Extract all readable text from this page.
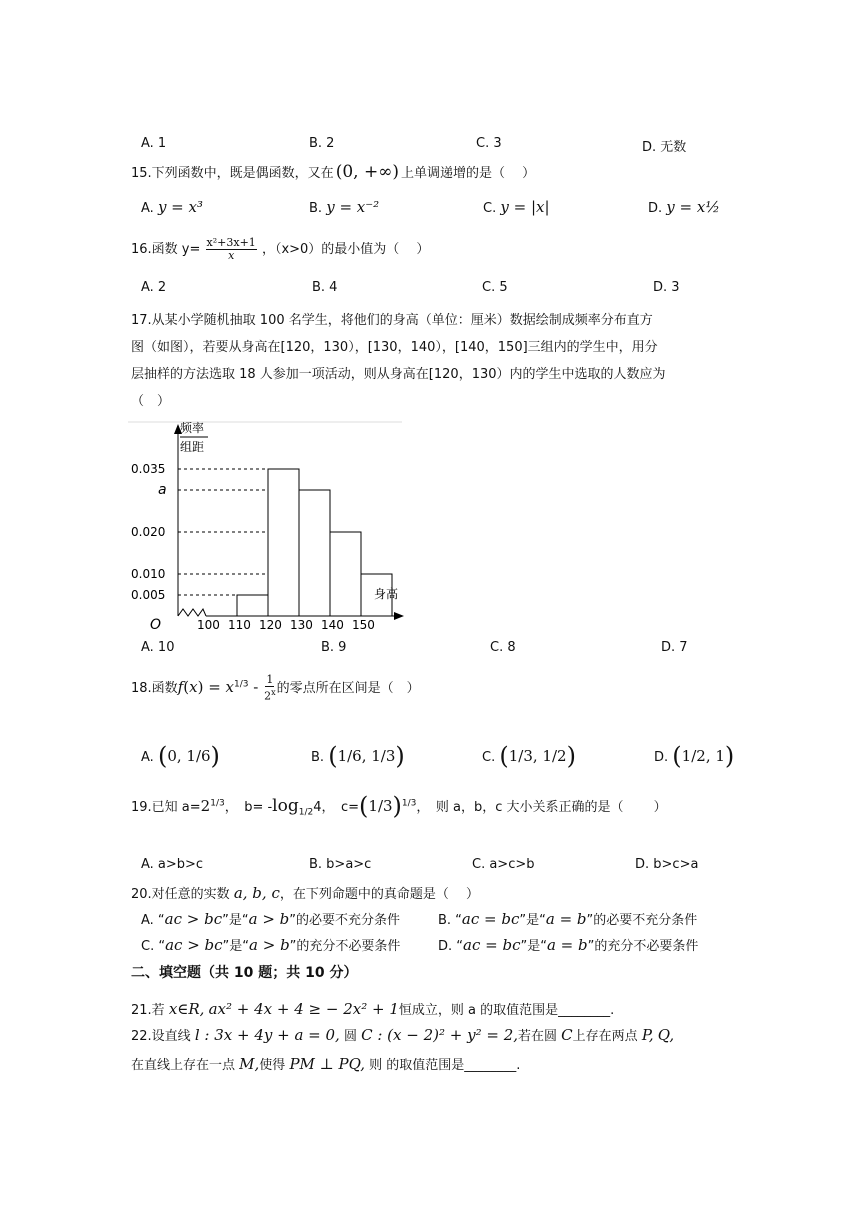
A. 1	B. 2	C. 3	D. 无数
15.下列函数中，既是偶函数，又在 (0, +∞) 上单调递增的是（　 ）
A. y = x³	B. y = x⁻²	C. y = |x|	D. y = x½
16.函数 $y= \frac{\text{x²+3x+1}}{x}$ ，（x>0）的最小值为（　 ）
A. 2	B. 4	C. 5	D. 3
17.从某小学随机抽取 100 名学生，将他们的身高（单位：厘米）数据绘制成频率分布直方
图（如图），若要从身高在[120，130），[130，140），[140，150]三组内的学生中，用分
层抽样的方法选取 18 人参加一项活动，则从身高在[120，130）内的学生中选取的人数应为
（　）
频率
组距
身高
O
0.005
0.010
0.020
a
0.035
100 110 120 130 140 150
A. 10	B. 9	C. 8	D. 7
18.函数$f(x) = x^{1/3} - \frac{1}{2^x}$ 的零点所在区间是（　）
A. (0, 1/6)	B. (1/6, 1/3)	C. (1/3, 1/2)	D. (1/2, 1)
19.已知 $a=2^{1/3}$，　$b= -\log_{1/2}4$，　$c=(1/3)^{1/3}$，　则 a，b，c 大小关系正确的是（　　 ）
A. a>b>c	B. b>a>c	C. a>c>b	D. b>c>a
20.对任意的实数 a, b, c，在下列命题中的真命题是（　 ）
A. “ac > bc”是“a > b”的必要不充分条件	B. “ac = bc”是“a = b”的必要不充分条件
C. “ac > bc”是“a > b”的充分不必要条件	D. “ac = bc”是“a = b”的充分不必要条件
二、填空题（共 10 题；共 10 分）
21.若 x∈R, ax² + 4x + 4 ≥ − 2x² + 1恒成立，则 a 的取值范围是________.
22.设直线 l : 3x + 4y + a = 0, 圆 C : (x − 2)² + y² = 2,若在圆 C上存在两点 P, Q,
在直线上存在一点 M,使得 PM ⊥ PQ, 则 的取值范围是________.
